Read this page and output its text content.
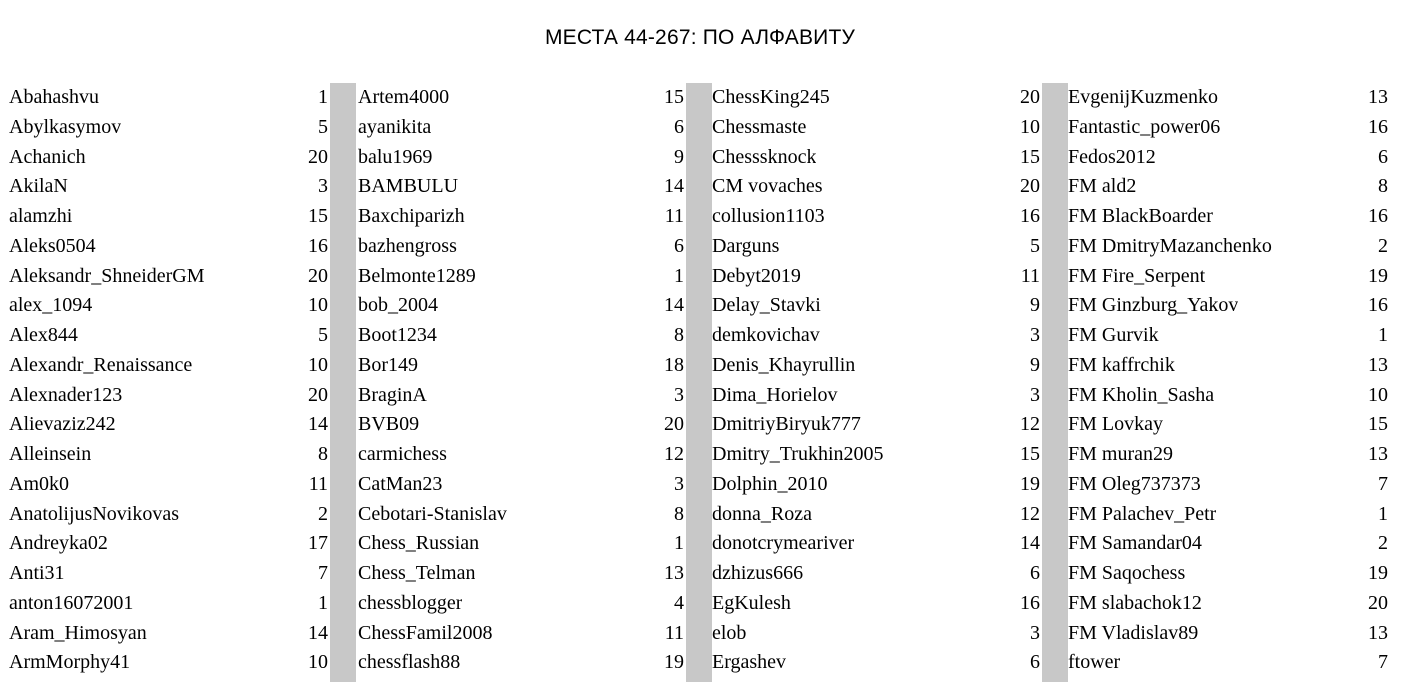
МЕСТА 44-267: ПО АЛФАВИТУ
Abahashvu	1
Abylkasymov	5
Achanich	20
AkilaN	3
alamzhi	15
Aleks0504	16
Aleksandr_ShneiderGM	20
alex_1094	10
Alex844	5
Alexandr_Renaissance	10
Alexnader123	20
Alievaziz242	14
Alleinsein	8
Am0k0	11
AnatolijusNovikovas	2
Andreyka02	17
Anti31	7
anton16072001	1
Aram_Himosyan	14
ArmMorphy41	10
Artem4000	15
ayanikita	6
balu1969	9
BAMBULU	14
Baxchiparizh	11
bazhengross	6
Belmonte1289	1
bob_2004	14
Boot1234	8
Bor149	18
BraginA	3
BVB09	20
carmichess	12
CatMan23	3
Cebotari-Stanislav	8
Chess_Russian	1
Chess_Telman	13
chessblogger	4
ChessFamil2008	11
chessflash88	19
ChessKing245	20
Chessmaste	10
Chesssknock	15
CM vovaches	20
collusion1103	16
Darguns	5
Debyt2019	11
Delay_Stavki	9
demkovichav	3
Denis_Khayrullin	9
Dima_Horielov	3
DmitriyBiryuk777	12
Dmitry_Trukhin2005	15
Dolphin_2010	19
donna_Roza	12
donotcrymeariver	14
dzhizus666	6
EgKulesh	16
elob	3
Ergashev	6
EvgenijKuzmenko	13
Fantastic_power06	16
Fedos2012	6
FM ald2	8
FM BlackBoarder	16
FM DmitryMazanchenko	2
FM Fire_Serpent	19
FM Ginzburg_Yakov	16
FM Gurvik	1
FM kaffrchik	13
FM Kholin_Sasha	10
FM Lovkay	15
FM muran29	13
FM Oleg737373	7
FM Palachev_Petr	1
FM Samandar04	2
FM Saqochess	19
FM slabachok12	20
FM Vladislav89	13
ftower	7
